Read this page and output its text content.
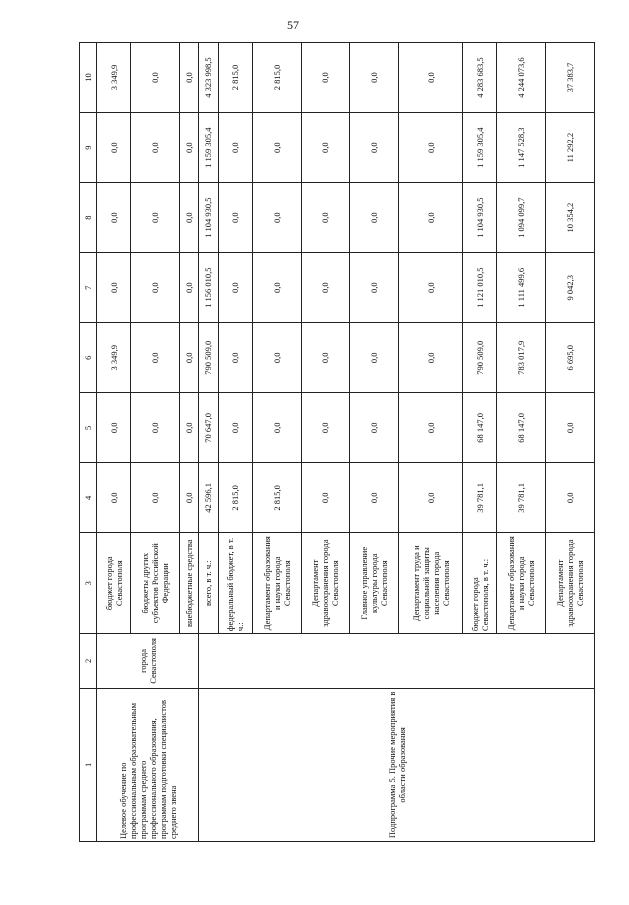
57
1	2	3	4	5	6	7	8	9	10
Целевое обучение по профессиональным образовательным программам среднего профессионального образования, программам подготовки специалистов среднего звена	города Севастополя	бюджет города Севастополя	0,0	0,0	3 349,9	0,0	0,0	0,0	3 349,9
		бюджеты других субъектов Российской Федерации	0,0	0,0	0,0	0,0	0,0	0,0	0,0
		внебюджетные средства	0,0	0,0	0,0	0,0	0,0	0,0	0,0
Подпрограмма 5. Прочие мероприятия в области образования		всего, в т. ч.:	42 596,1	70 647,0	790 509,0	1 156 010,5	1 104 930,5	1 159 305,4	4 323 998,5
		федеральный бюджет, в т. ч.:	2 815,0	0,0	0,0	0,0	0,0	0,0	2 815,0
		Департамент образования и науки города Севастополя	2 815,0	0,0	0,0	0,0	0,0	0,0	2 815,0
		Департамент здравоохранения города Севастополя	0,0	0,0	0,0	0,0	0,0	0,0	0,0
		Главное управление культуры города Севастополя	0,0	0,0	0,0	0,0	0,0	0,0	0,0
		Департамент труда и социальной защиты населения города Севастополя	0,0	0,0	0,0	0,0	0,0	0,0	0,0
		бюджет города Севастополя, в т. ч.:	39 781,1	68 147,0	790 509,0	1 121 010,5	1 104 930,5	1 159 305,4	4 283 683,5
		Департамент образования и науки города Севастополя	39 781,1	68 147,0	783 017,9	1 111 499,6	1 094 099,7	1 147 528,3	4 244 073,6
		Департамент здравоохранения города Севастополя	0,0	0,0	6 695,0	9 042,3	10 354,2	11 292,2	37 383,7
